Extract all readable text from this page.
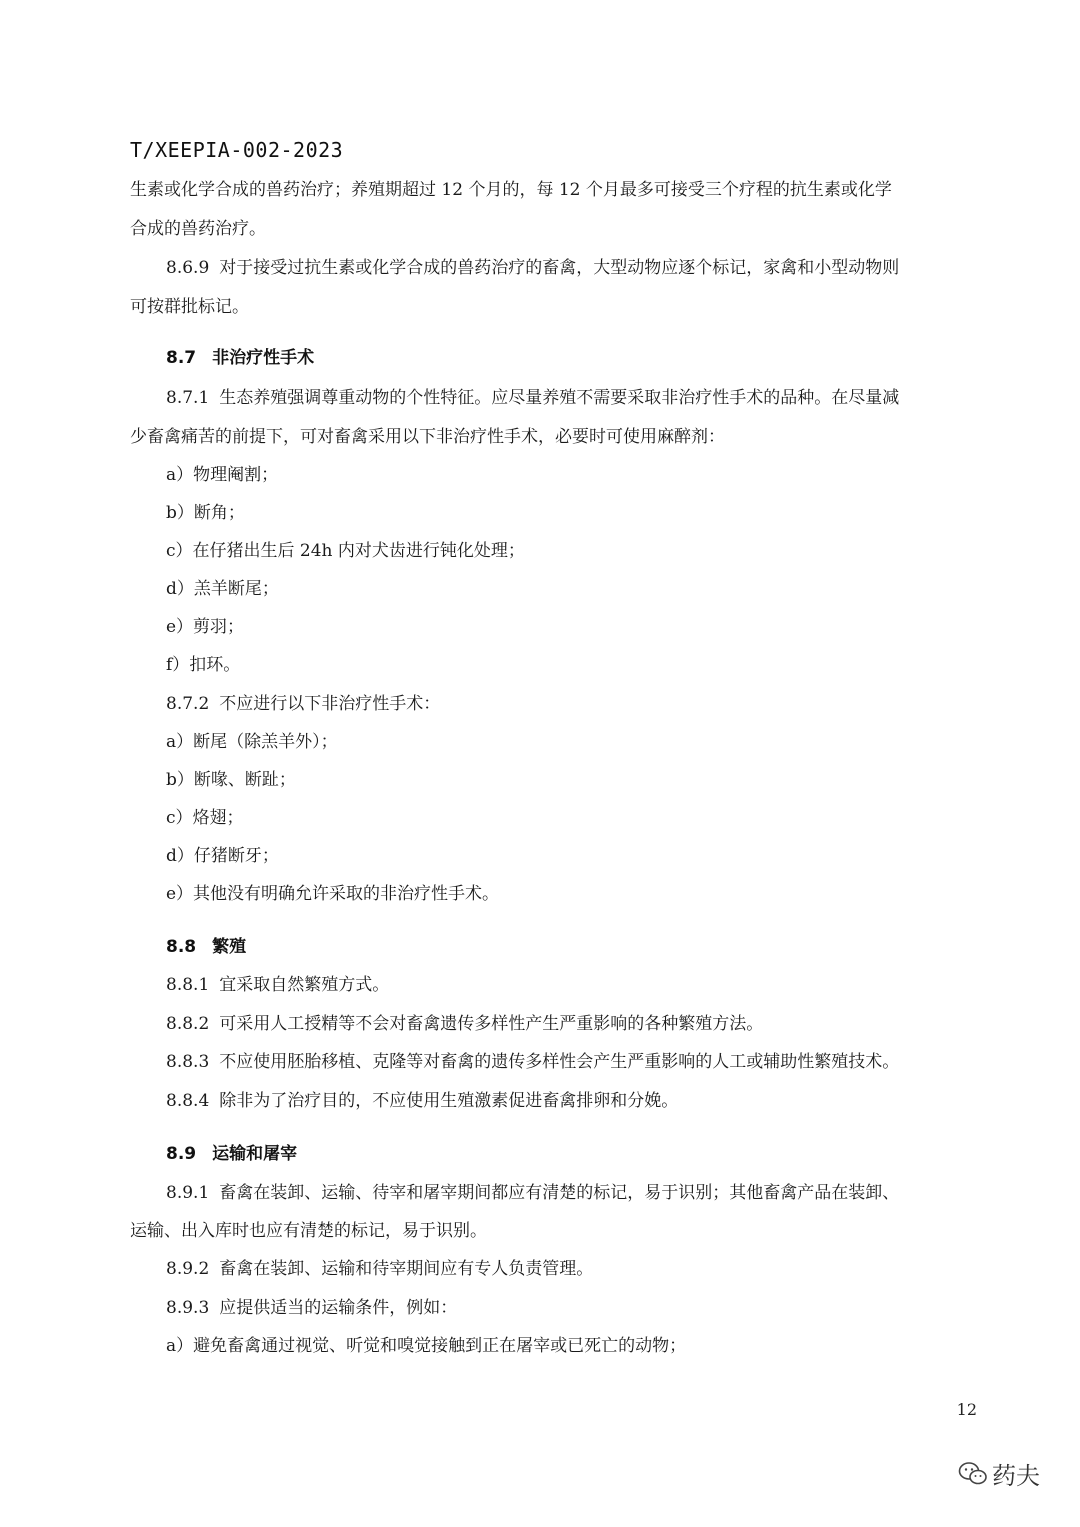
T/XEEPIA-002-2023
生素或化学合成的兽药治疗；养殖期超过 12 个月的，每 12 个月最多可接受三个疗程的抗生素或化学
合成的兽药治疗。
8.6.9 对于接受过抗生素或化学合成的兽药治疗的畜禽，大型动物应逐个标记，家禽和小型动物则
可按群批标记。
8.7 非治疗性手术
8.7.1 生态养殖强调尊重动物的个性特征。应尽量养殖不需要采取非治疗性手术的品种。在尽量减
少畜禽痛苦的前提下，可对畜禽采用以下非治疗性手术，必要时可使用麻醉剂：
a）物理阉割；
b）断角；
c）在仔猪出生后 24h 内对犬齿进行钝化处理；
d）羔羊断尾；
e）剪羽；
f）扣环。
8.7.2 不应进行以下非治疗性手术：
a）断尾（除羔羊外）；
b）断喙、断趾；
c）烙翅；
d）仔猪断牙；
e）其他没有明确允许采取的非治疗性手术。
8.8 繁殖
8.8.1 宜采取自然繁殖方式。
8.8.2 可采用人工授精等不会对畜禽遗传多样性产生严重影响的各种繁殖方法。
8.8.3 不应使用胚胎移植、克隆等对畜禽的遗传多样性会产生严重影响的人工或辅助性繁殖技术。
8.8.4 除非为了治疗目的，不应使用生殖激素促进畜禽排卵和分娩。
8.9 运输和屠宰
8.9.1 畜禽在装卸、运输、待宰和屠宰期间都应有清楚的标记，易于识别；其他畜禽产品在装卸、
运输、出入库时也应有清楚的标记，易于识别。
8.9.2 畜禽在装卸、运输和待宰期间应有专人负责管理。
8.9.3 应提供适当的运输条件，例如：
a）避免畜禽通过视觉、听觉和嗅觉接触到正在屠宰或已死亡的动物；
12
药夫
